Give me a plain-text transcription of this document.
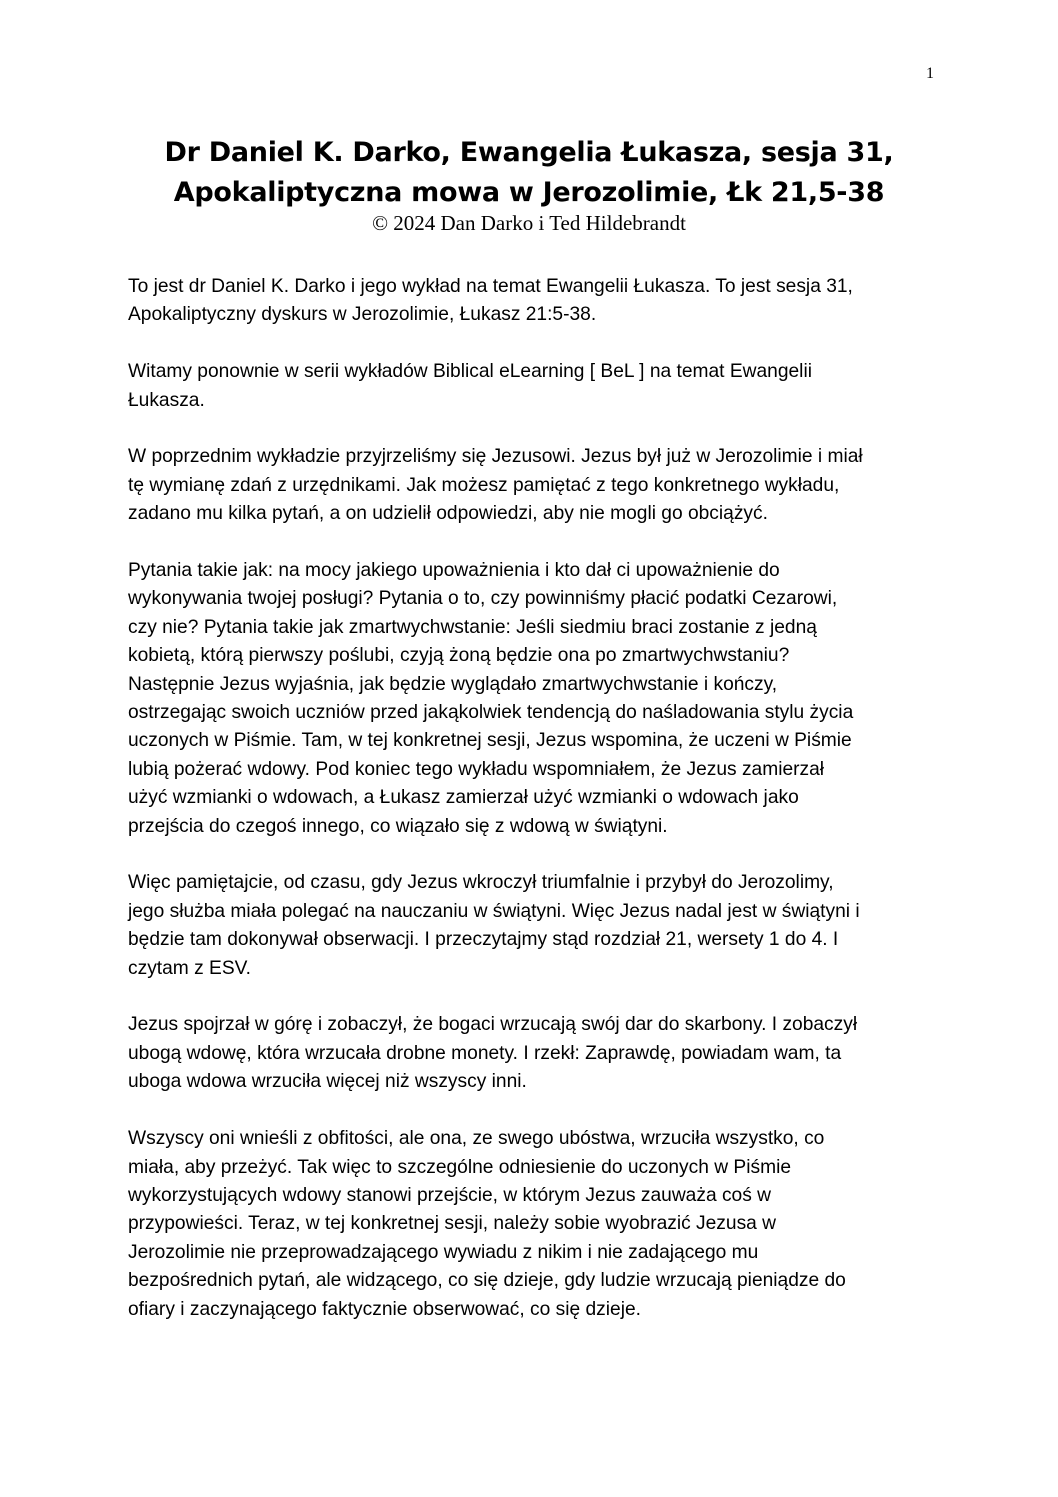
1
Dr Daniel K. Darko, Ewangelia Łukasza, sesja 31,
Apokaliptyczna mowa w Jerozolimie, Łk 21,5-38
© 2024 Dan Darko i Ted Hildebrandt
To jest dr Daniel K. Darko i jego wykład na temat Ewangelii Łukasza. To jest sesja 31,
Apokaliptyczny dyskurs w Jerozolimie, Łukasz 21:5-38.
Witamy ponownie w serii wykładów Biblical eLearning [ BeL ] na temat Ewangelii
Łukasza.
W poprzednim wykładzie przyjrzeliśmy się Jezusowi. Jezus był już w Jerozolimie i miał
tę wymianę zdań z urzędnikami. Jak możesz pamiętać z tego konkretnego wykładu,
zadano mu kilka pytań, a on udzielił odpowiedzi, aby nie mogli go obciążyć.
Pytania takie jak: na mocy jakiego upoważnienia i kto dał ci upoważnienie do
wykonywania twojej posługi? Pytania o to, czy powinniśmy płacić podatki Cezarowi,
czy nie? Pytania takie jak zmartwychwstanie: Jeśli siedmiu braci zostanie z jedną
kobietą, którą pierwszy poślubi, czyją żoną będzie ona po zmartwychwstaniu?
Następnie Jezus wyjaśnia, jak będzie wyglądało zmartwychwstanie i kończy,
ostrzegając swoich uczniów przed jakąkolwiek tendencją do naśladowania stylu życia
uczonych w Piśmie. Tam, w tej konkretnej sesji, Jezus wspomina, że uczeni w Piśmie
lubią pożerać wdowy. Pod koniec tego wykładu wspomniałem, że Jezus zamierzał
użyć wzmianki o wdowach, a Łukasz zamierzał użyć wzmianki o wdowach jako
przejścia do czegoś innego, co wiązało się z wdową w świątyni.
Więc pamiętajcie, od czasu, gdy Jezus wkroczył triumfalnie i przybył do Jerozolimy,
jego służba miała polegać na nauczaniu w świątyni. Więc Jezus nadal jest w świątyni i
będzie tam dokonywał obserwacji. I przeczytajmy stąd rozdział 21, wersety 1 do 4. I
czytam z ESV.
Jezus spojrzał w górę i zobaczył, że bogaci wrzucają swój dar do skarbony. I zobaczył
ubogą wdowę, która wrzucała drobne monety. I rzekł: Zaprawdę, powiadam wam, ta
uboga wdowa wrzuciła więcej niż wszyscy inni.
Wszyscy oni wnieśli z obfitości, ale ona, ze swego ubóstwa, wrzuciła wszystko, co
miała, aby przeżyć. Tak więc to szczególne odniesienie do uczonych w Piśmie
wykorzystujących wdowy stanowi przejście, w którym Jezus zauważa coś w
przypowieści. Teraz, w tej konkretnej sesji, należy sobie wyobrazić Jezusa w
Jerozolimie nie przeprowadzającego wywiadu z nikim i nie zadającego mu
bezpośrednich pytań, ale widzącego, co się dzieje, gdy ludzie wrzucają pieniądze do
ofiary i zaczynającego faktycznie obserwować, co się dzieje.
